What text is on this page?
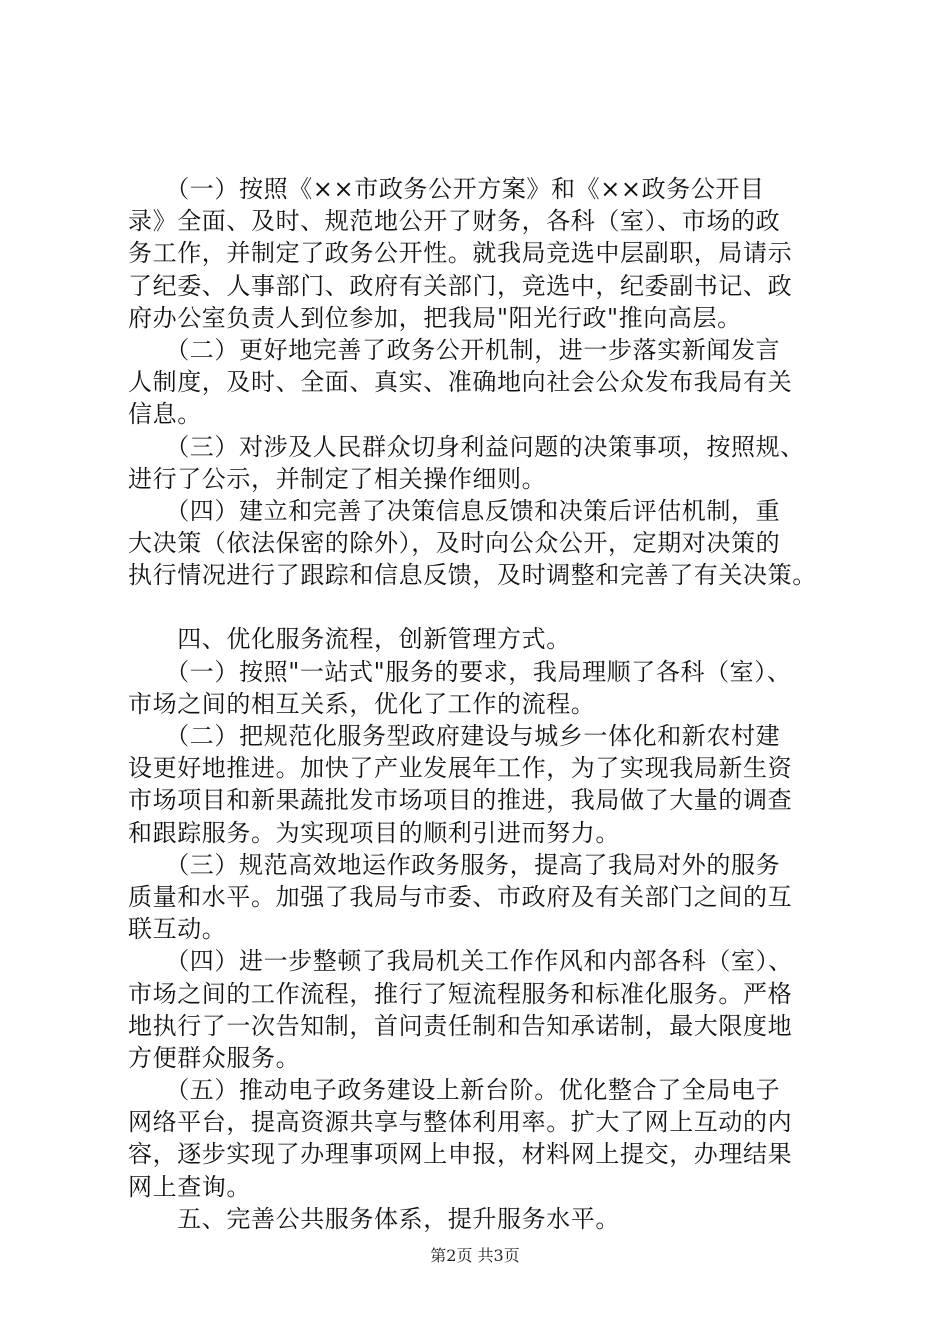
　　（一）按照《××市政务公开方案》和《××政务公开目
录》全面、及时、规范地公开了财务，各科（室）、市场的政
务工作，并制定了政务公开性。就我局竞选中层副职，局请示
了纪委、人事部门、政府有关部门，竞选中，纪委副书记、政
府办公室负责人到位参加，把我局"阳光行政"推向高层。
　　（二）更好地完善了政务公开机制，进一步落实新闻发言
人制度，及时、全面、真实、准确地向社会公众发布我局有关
信息。
　　（三）对涉及人民群众切身利益问题的决策事项，按照规、
进行了公示，并制定了相关操作细则。
　　（四）建立和完善了决策信息反馈和决策后评估机制，重
大决策（依法保密的除外），及时向公众公开，定期对决策的
执行情况进行了跟踪和信息反馈，及时调整和完善了有关决策。
　　四、优化服务流程，创新管理方式。
　　（一）按照"一站式"服务的要求，我局理顺了各科（室）、
市场之间的相互关系，优化了工作的流程。
　　（二）把规范化服务型政府建设与城乡一体化和新农村建
设更好地推进。加快了产业发展年工作，为了实现我局新生资
市场项目和新果蔬批发市场项目的推进，我局做了大量的调查
和跟踪服务。为实现项目的顺利引进而努力。
　　（三）规范高效地运作政务服务，提高了我局对外的服务
质量和水平。加强了我局与市委、市政府及有关部门之间的互
联互动。
　　（四）进一步整顿了我局机关工作作风和内部各科（室）、
市场之间的工作流程，推行了短流程服务和标准化服务。严格
地执行了一次告知制，首问责任制和告知承诺制，最大限度地
方便群众服务。
　　（五）推动电子政务建设上新台阶。优化整合了全局电子
网络平台，提高资源共享与整体利用率。扩大了网上互动的内
容，逐步实现了办理事项网上申报，材料网上提交，办理结果
网上查询。
　　五、完善公共服务体系，提升服务水平。
第2页 共3页
